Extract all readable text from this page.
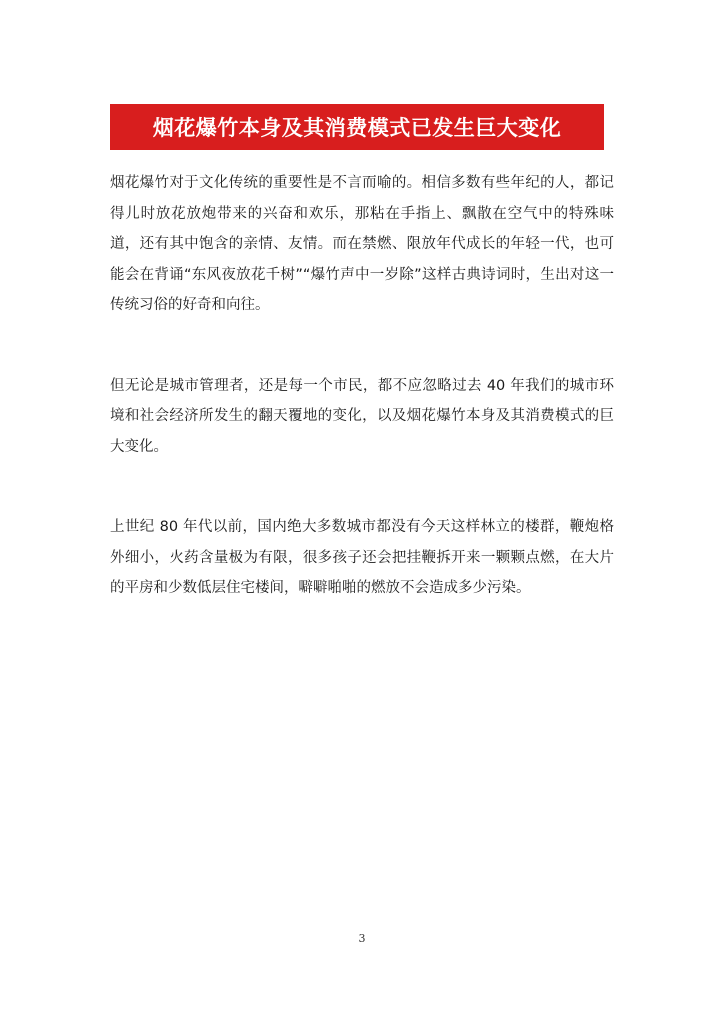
烟花爆竹本身及其消费模式已发生巨大变化

烟花爆竹对于文化传统的重要性是不言而喻的。相信多数有些年纪的人，都记得儿时放花放炮带来的兴奋和欢乐，那粘在手指上、飘散在空气中的特殊味道，还有其中饱含的亲情、友情。而在禁燃、限放年代成长的年轻一代，也可能会在背诵“东风夜放花千树”“爆竹声中一岁除”这样古典诗词时，生出对这一传统习俗的好奇和向往。

但无论是城市管理者，还是每一个市民，都不应忽略过去 40 年我们的城市环境和社会经济所发生的翻天覆地的变化，以及烟花爆竹本身及其消费模式的巨大变化。

上世纪 80 年代以前，国内绝大多数城市都没有今天这样林立的楼群，鞭炮格外细小，火药含量极为有限，很多孩子还会把挂鞭拆开来一颗颗点燃，在大片的平房和少数低层住宅楼间，噼噼啪啪的燃放不会造成多少污染。

3
